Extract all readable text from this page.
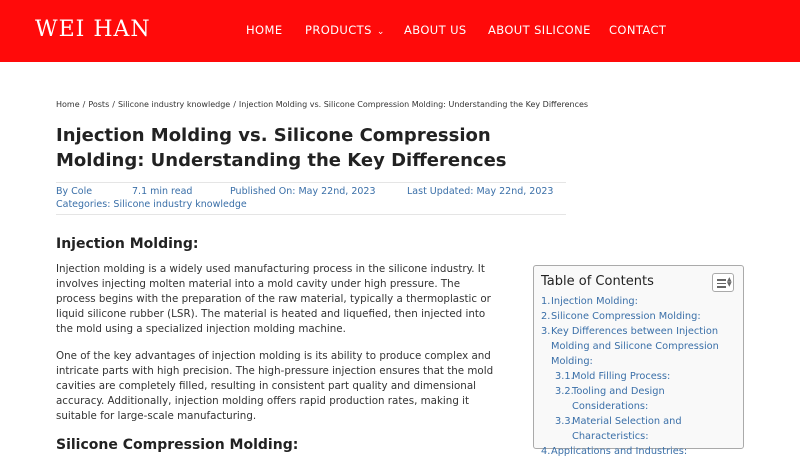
WEI HAN	HOME PRODUCTS ⌄ ABOUT US ABOUT SILICONE CONTACT
Home / Posts / Silicone industry knowledge / Injection Molding vs. Silicone Compression Molding: Understanding the Key Differences
Injection Molding vs. Silicone Compression Molding: Understanding the Key Differences
By Cole	7.1 min read	Published On: May 22nd, 2023	Last Updated: May 22nd, 2023
Categories: Silicone industry knowledge
Injection Molding:

Injection molding is a widely used manufacturing process in the silicone industry. It involves injecting molten material into a mold cavity under high pressure. The process begins with the preparation of the raw material, typically a thermoplastic or liquid silicone rubber (LSR). The material is heated and liquefied, then injected into the mold using a specialized injection molding machine.

One of the key advantages of injection molding is its ability to produce complex and intricate parts with high precision. The high-pressure injection ensures that the mold cavities are completely filled, resulting in consistent part quality and dimensional accuracy. Additionally, injection molding offers rapid production rates, making it suitable for large-scale manufacturing.

Silicone Compression Molding:
Table of Contents	▲
▼
1. Injection Molding:
2. Silicone Compression Molding:
3. Key Differences between Injection Molding and Silicone Compression Molding:
3.1.
Mold Filling Process:
3.2.
Tooling and Design Considerations:
3.3.
Material Selection and Characteristics:
4. Applications and Industries:
